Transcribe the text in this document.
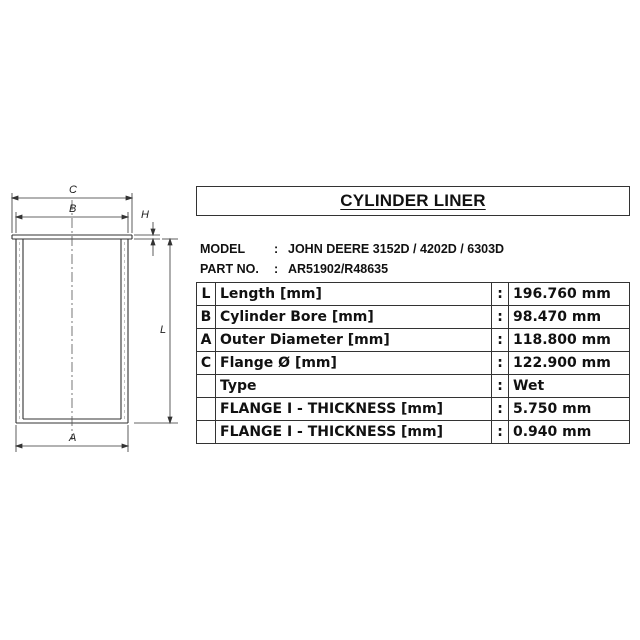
C
B	H
L
A
CYLINDER LINER
MODEL	: JOHN DEERE 3152D / 4202D / 6303D
PART NO.	: AR51902/R48635
L	Length [mm]	:	196.760 mm
B	Cylinder Bore [mm]	:	98.470 mm
A	Outer Diameter [mm]	:	118.800 mm
C	Flange Ø [mm]	:	122.900 mm
	Type	:	Wet
	FLANGE I - THICKNESS [mm]	:	5.750 mm
	FLANGE I - THICKNESS [mm]	:	0.940 mm
